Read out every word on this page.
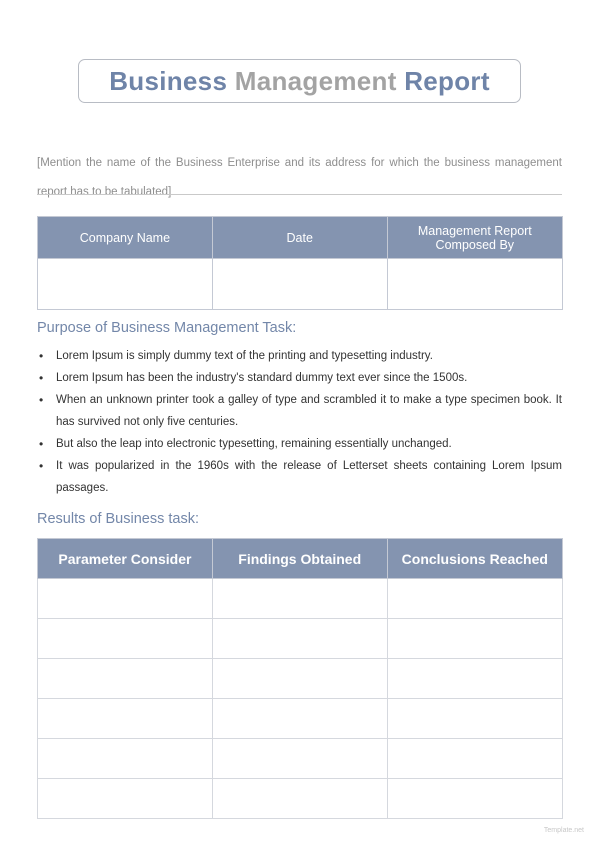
Business
Management
Report
[Mention the name of the Business Enterprise and its address for which the business management report has to be tabulated]
Company Name	Date	Management Report Composed By

Purpose of Business Management Task:
• Lorem Ipsum is simply dummy text of the printing and typesetting industry.
• Lorem Ipsum has been the industry's standard dummy text ever since the 1500s.
• When an unknown printer took a galley of type and scrambled it to make a type specimen book. It has survived not only five centuries.
• But also the leap into electronic typesetting, remaining essentially unchanged.
• It was popularized in the 1960s with the release of Letterset sheets containing Lorem Ipsum passages.
Results of Business task:
Parameter Consider	Findings Obtained	Conclusions Reached

Template.net
